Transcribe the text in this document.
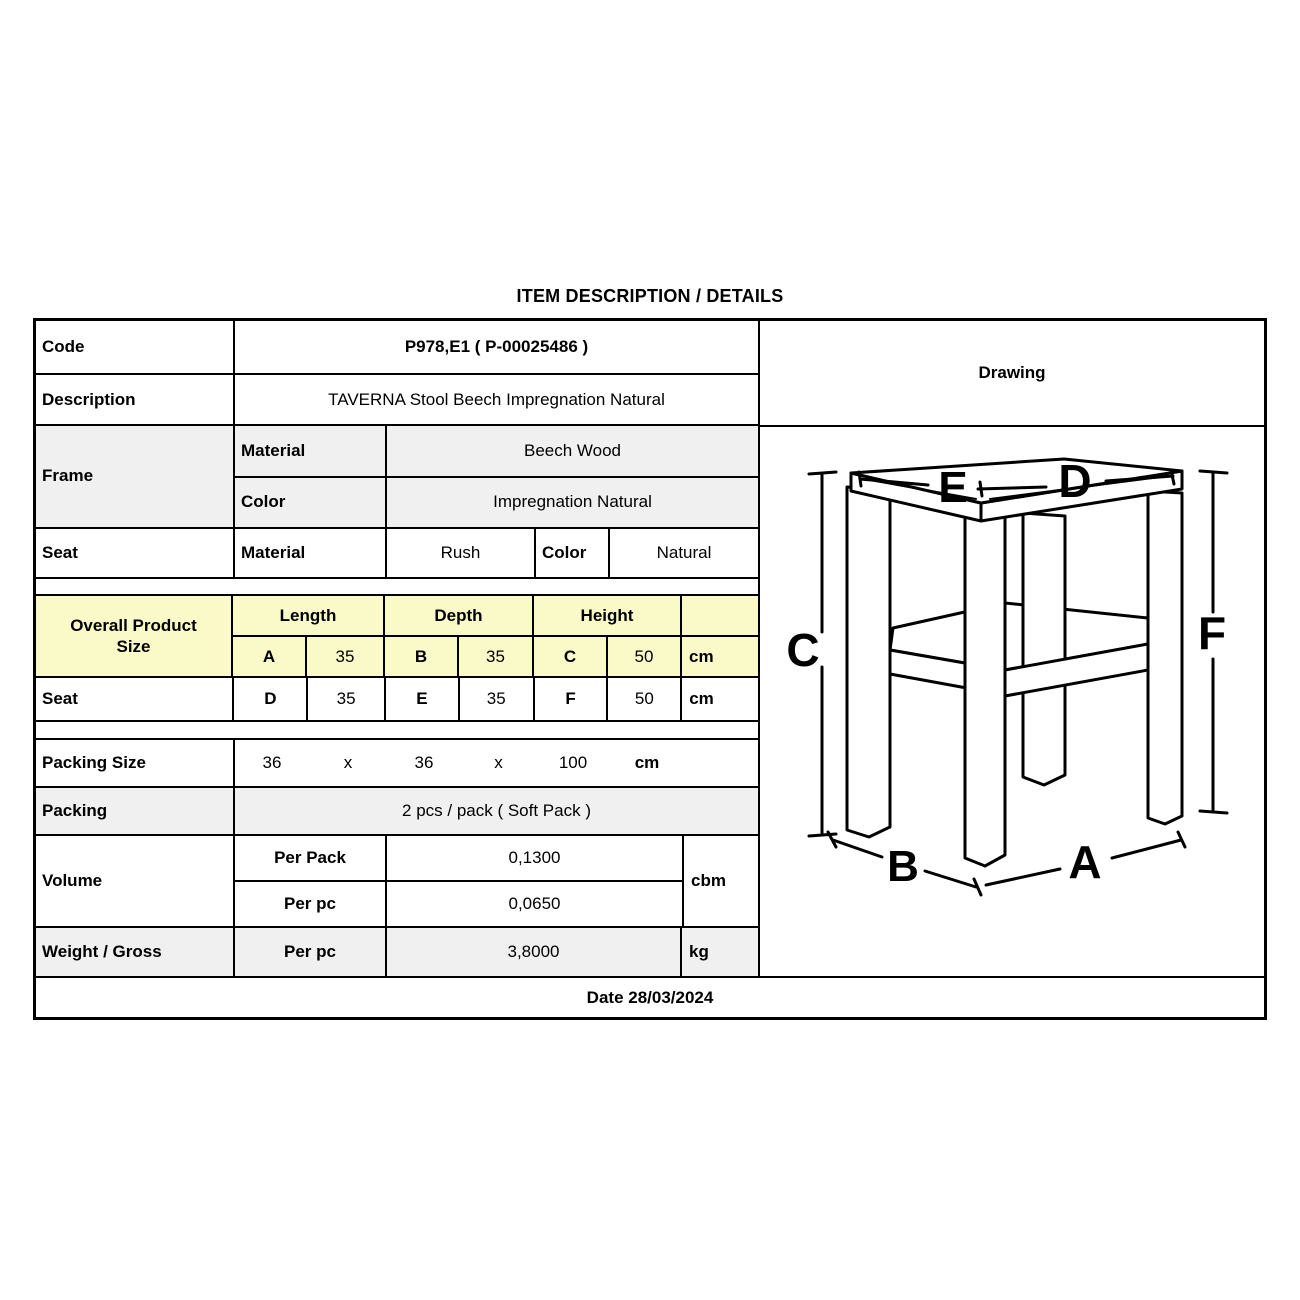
ITEM DESCRIPTION / DETAILS
Code	P978,E1 ( P-00025486 )
Description	TAVERNA Stool Beech Impregnation Natural
Frame
Material	Beech Wood
Color	Impregnation Natural
Seat	Material	Rush	Color	Natural
Overall Product
Size
Length	Depth	Height
A	35	B	35	C	50	cm
Seat	D	35	E	35	F	50	cm
Packing Size	36	x	36	x	100	cm
Packing	2 pcs / pack ( Soft Pack )
Volume
Per Pack	0,1300
Per pc	0,0650
cbm
Weight / Gross	Per pc	3,8000	kg
Drawing
C	F
E D
B	A
Date 28/03/2024
